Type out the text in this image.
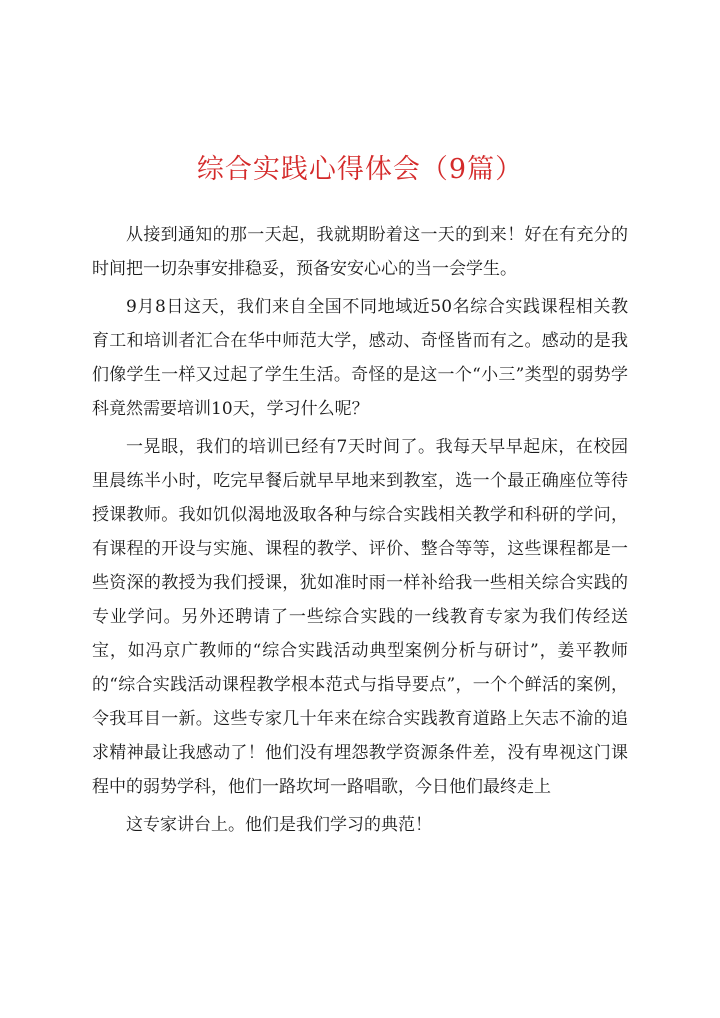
综合实践心得体会（9篇）

从接到通知的那一天起，我就期盼着这一天的到来！好在有充分的时间把一切杂事安排稳妥，预备安安心心的当一会学生。

9月8日这天，我们来自全国不同地域近50名综合实践课程相关教育工和培训者汇合在华中师范大学，感动、奇怪皆而有之。感动的是我们像学生一样又过起了学生生活。奇怪的是这一个“小三”类型的弱势学科竟然需要培训10天，学习什么呢？

一晃眼，我们的培训已经有7天时间了。我每天早早起床，在校园里晨练半小时，吃完早餐后就早早地来到教室，选一个最正确座位等待授课教师。我如饥似渴地汲取各种与综合实践相关教学和科研的学问，有课程的开设与实施、课程的教学、评价、整合等等，这些课程都是一些资深的教授为我们授课，犹如准时雨一样补给我一些相关综合实践的专业学问。另外还聘请了一些综合实践的一线教育专家为我们传经送宝，如冯京广教师的“综合实践活动典型案例分析与研讨”，姜平教师的“综合实践活动课程教学根本范式与指导要点”，一个个鲜活的案例，令我耳目一新。这些专家几十年来在综合实践教育道路上矢志不渝的追求精神最让我感动了！他们没有埋怨教学资源条件差，没有卑视这门课程中的弱势学科，他们一路坎坷一路唱歌，今日他们最终走上

这专家讲台上。他们是我们学习的典范！
